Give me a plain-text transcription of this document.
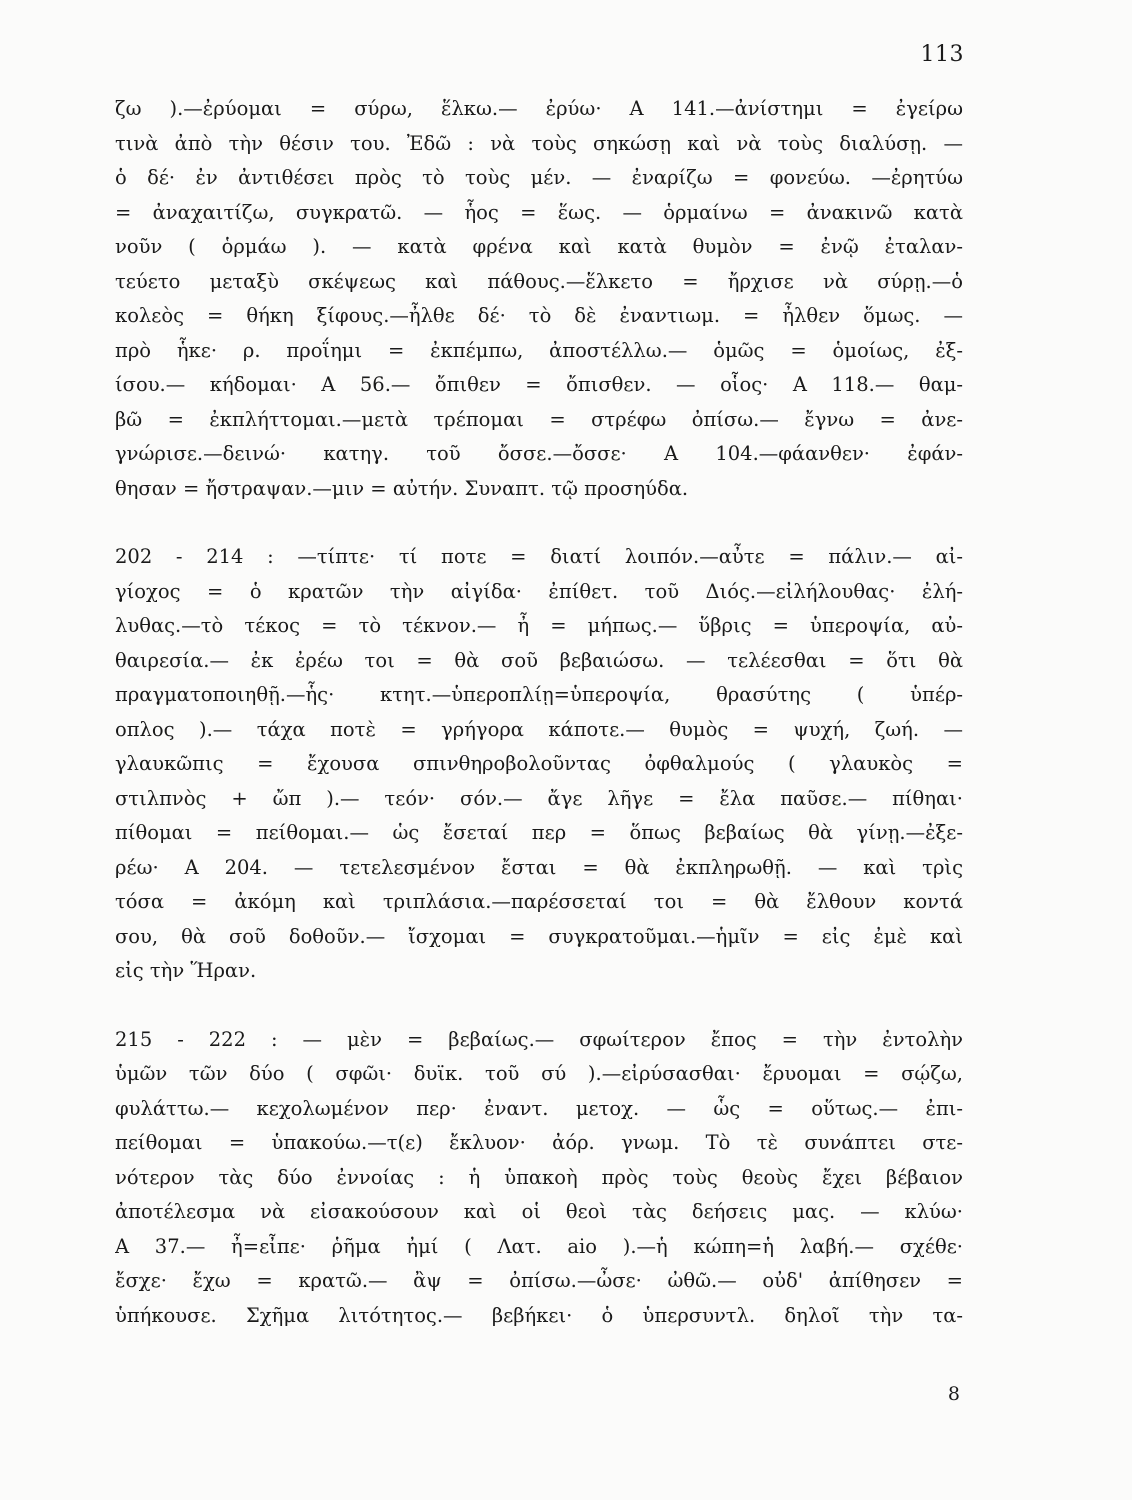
113
ζω ).—ἐρύομαι = σύρω, ἕλκω.— ἐρύω· Α 141.—ἀνίστημι = ἐγείρω
τινὰ ἀπὸ τὴν θέσιν του. Ἐδῶ : νὰ τοὺς σηκώσῃ καὶ νὰ τοὺς διαλύσῃ. —
ὁ δέ· ἐν ἀντιθέσει πρὸς τὸ τοὺς μέν. — ἐναρίζω = φονεύω. —ἐρητύω
= ἀναχαιτίζω, συγκρατῶ. — ἧος = ἕως. — ὁρμαίνω = ἀνακινῶ κατὰ
νοῦν ( ὁρμάω ). — κατὰ φρένα καὶ κατὰ θυμὸν = ἐνῷ ἐταλαν-
τεύετο μεταξὺ σκέψεως καὶ πάθους.—ἕλκετο = ἤρχισε νὰ σύρῃ.—ὁ
κολεὸς = θήκη ξίφους.—ἦλθε δέ· τὸ δὲ ἐναντιωμ. = ἦλθεν ὅμως. —
πρὸ ἧκε· ρ. προΐημι = ἐκπέμπω, ἀποστέλλω.— ὁμῶς = ὁμοίως, ἐξ-
ίσου.— κήδομαι· Α 56.— ὄπιθεν = ὄπισθεν. — οἷος· Α 118.— θαμ-
βῶ = ἐκπλήττομαι.—μετὰ τρέπομαι = στρέφω ὀπίσω.— ἔγνω = ἀνε-
γνώρισε.—δεινώ· κατηγ. τοῦ ὄσσε.—ὄσσε· Α 104.—φάανθεν· ἐφάν-
θησαν = ἤστραψαν.—μιν = αὐτήν. Συναπτ. τῷ προσηύδα.
202 - 214 : —τίπτε· τί ποτε = διατί λοιπόν.—αὖτε = πάλιν.— αἰ-
γίοχος = ὁ κρατῶν τὴν αἰγίδα· ἐπίθετ. τοῦ Διός.—εἰλήλουθας· ἐλή-
λυθας.—τὸ τέκος = τὸ τέκνον.— ἦ = μήπως.— ὕβρις = ὑπεροψία, αὐ-
θαιρεσία.— ἐκ ἐρέω τοι = θὰ σοῦ βεβαιώσω. — τελέεσθαι = ὅτι θὰ
πραγματοποιηθῇ.—ἧς· κτητ.—ὑπεροπλίῃ=ὑπεροψία, θρασύτης ( ὑπέρ-
οπλος ).— τάχα ποτὲ = γρήγορα κάποτε.— θυμὸς = ψυχή, ζωή. —
γλαυκῶπις = ἔχουσα σπινθηροβολοῦντας ὀφθαλμούς ( γλαυκὸς =
στιλπνὸς + ὤπ ).— τεόν· σόν.— ἄγε λῆγε = ἔλα παῦσε.— πίθηαι·
πίθομαι = πείθομαι.— ὡς ἔσεταί περ = ὅπως βεβαίως θὰ γίνῃ.—ἐξε-
ρέω· Α 204. — τετελεσμένον ἔσται = θὰ ἐκπληρωθῇ. — καὶ τρὶς
τόσα = ἀκόμη καὶ τριπλάσια.—παρέσσεταί τοι = θὰ ἔλθουν κοντά
σου, θὰ σοῦ δοθοῦν.— ἴσχομαι = συγκρατοῦμαι.—ἡμῖν = εἰς ἐμὲ καὶ
εἰς τὴν Ἥραν.
215 - 222 : — μὲν = βεβαίως.— σφωίτερον ἔπος = τὴν ἐντολὴν
ὑμῶν τῶν δύο ( σφῶι· δυϊκ. τοῦ σύ ).—εἰρύσασθαι· ἔρυομαι = σῴζω,
φυλάττω.— κεχολωμένον περ· ἐναντ. μετοχ. — ὧς = οὕτως.— ἐπι-
πείθομαι = ὑπακούω.—τ(ε) ἔκλυον· ἀόρ. γνωμ. Τὸ τὲ συνάπτει στε-
νότερον τὰς δύο ἐννοίας : ἡ ὑπακοὴ πρὸς τοὺς θεοὺς ἔχει βέβαιον
ἀποτέλεσμα νὰ εἰσακούσουν καὶ οἱ θεοὶ τὰς δεήσεις μας. — κλύω·
Α 37.— ἦ=εἶπε· ῥῆμα ἠμί ( Λατ. aio ).—ἡ κώπη=ἡ λαβή.— σχέθε·
ἔσχε· ἔχω = κρατῶ.— ἂψ = ὀπίσω.—ὦσε· ὠθῶ.— οὐδ' ἀπίθησεν =
ὑπήκουσε. Σχῆμα λιτότητος.— βεβήκει· ὁ ὑπερσυντλ. δηλοῖ τὴν τα-
8
